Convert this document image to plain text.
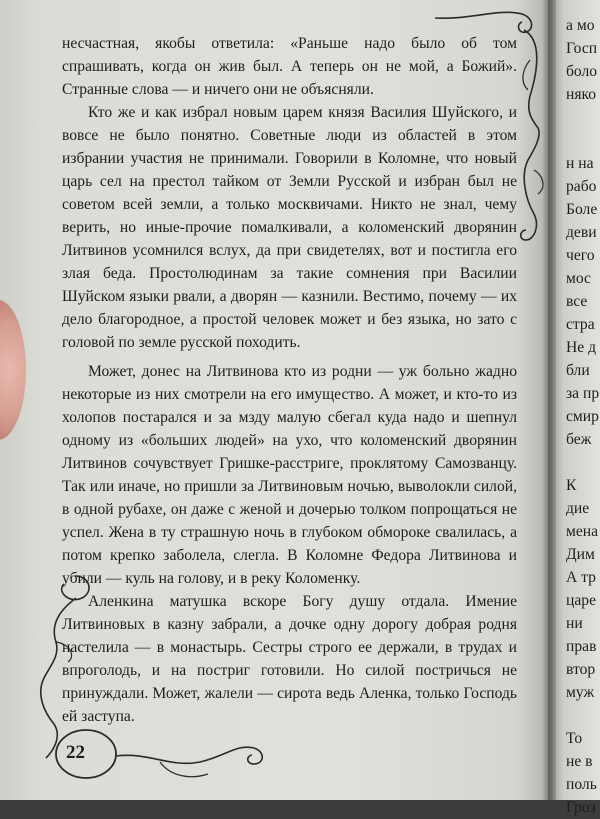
несчастная, якобы ответила: «Раньше надо было об том спрашивать, когда он жив был. А теперь он не мой, а Божий». Странные слова — и ничего они не объясняли.

Кто же и как избрал новым царем князя Василия Шуйского, и вовсе не было понятно. Советные люди из областей в этом избрании участия не принимали. Говорили в Коломне, что новый царь сел на престол тайком от Земли Русской и избран был не советом всей земли, а только москвичами. Никто не знал, чему верить, но иные-прочие помалкивали, а коломенский дворянин Литвинов усомнился вслух, да при свидетелях, вот и постигла его злая беда. Простолюдинам за такие сомнения при Василии Шуйском языки рвали, а дворян — казнили. Вестимо, почему — их дело благородное, а простой человек может и без языка, но зато с головой по земле русской походить.

Может, донес на Литвинова кто из родни — уж больно жадно некоторые из них смотрели на его имущество. А может, и кто-то из холопов постарался и за мзду малую сбегал куда надо и шепнул одному из «больших людей» на ухо, что коломенский дворянин Литвинов сочувствует Гришке-расстриге, проклятому Самозванцу. Так или иначе, но пришли за Литвиновым ночью, выволокли силой, в одной рубахе, он даже с женой и дочерью толком попрощаться не успел. Жена в ту страшную ночь в глубоком обмороке свалилась, а потом крепко заболела, слегла. В Коломне Федора Литвинова и убили — куль на голову, и в реку Коломенку.

Аленкина матушка вскоре Богу душу отдала. Имение Литвиновых в казну забрали, а дочке одну дорогу добрая родня настелила — в монастырь. Сестры строго ее держали, в трудах и впроголодь, и на постриг готовили. Но силой постричься не принуждали. Может, жалели — сирота ведь Аленка, только Господь ей заступа.

22
а мо
Госп
боло
няко
н на
рабо
Боле
деви
чего
мос
все
стра
Не д
бли
за пр
смир
беж
К
дие
мена
Дим
А тр
царе
ни
прав
втор
муж
То
не в
поль
Гроз
